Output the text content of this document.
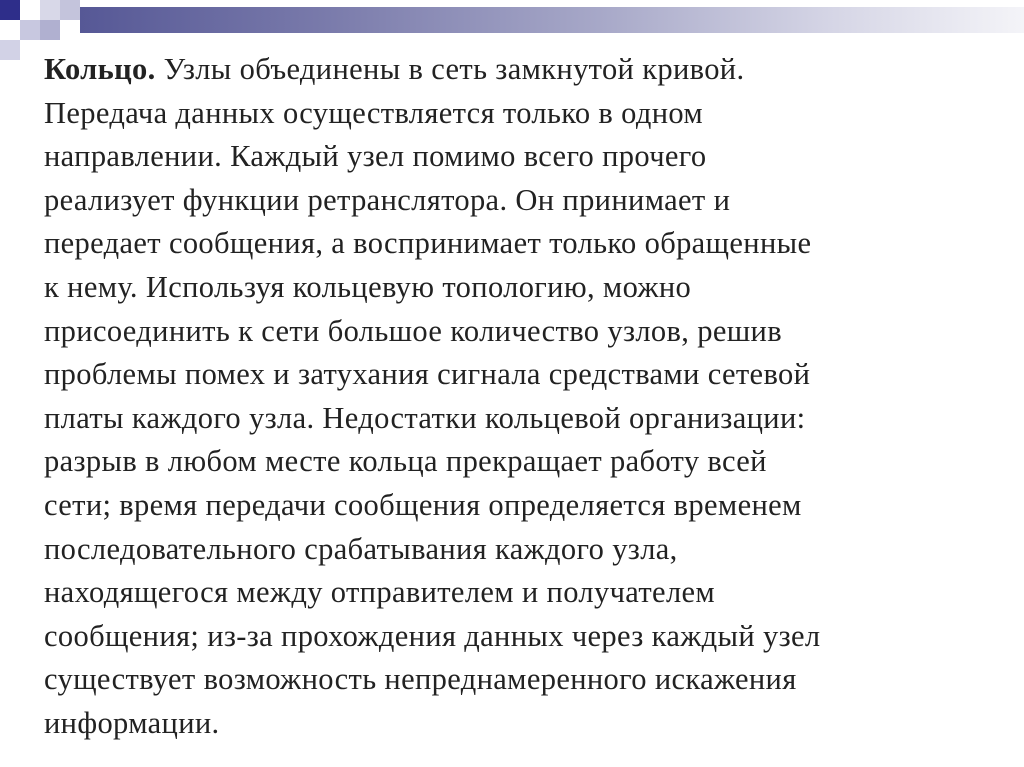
Кольцо. Узлы объединены в сеть замкнутой кривой.
Передача данных осуществляется только в одном
направлении. Каждый узел помимо всего прочего
реализует функции ретранслятора. Он принимает и
передает сообщения, а воспринимает только обращенные
к нему. Используя кольцевую топологию, можно
присоединить к сети большое количество узлов, решив
проблемы помех и затухания сигнала средствами сетевой
платы каждого узла. Недостатки кольцевой организации:
разрыв в любом месте кольца прекращает работу всей
сети; время передачи сообщения определяется временем
последовательного срабатывания каждого узла,
находящегося между отправителем и получателем
сообщения; из-за прохождения данных через каждый узел
существует возможность непреднамеренного искажения
информации.
